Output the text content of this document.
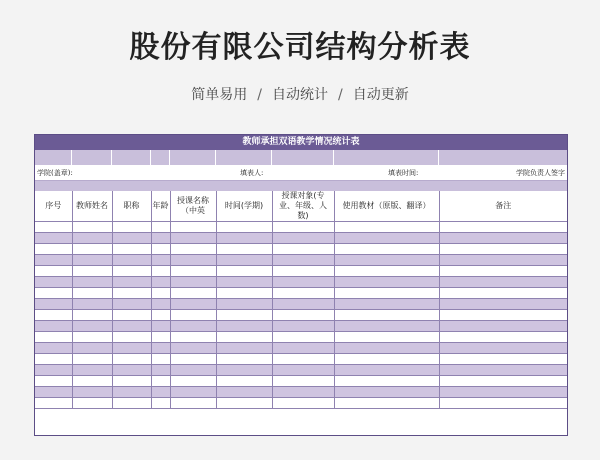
股份有限公司结构分析表
简单易用 / 自动统计 / 自动更新
教师承担双语教学情况统计表
学院(盖章):	填表人:	填表时间:	学院负责人签字
序号	教师姓名	职称	年龄	授课名称（中英	时间(学期)	授课对象(专业、年级、人数)	使用教材（原版、翻译）	备注
